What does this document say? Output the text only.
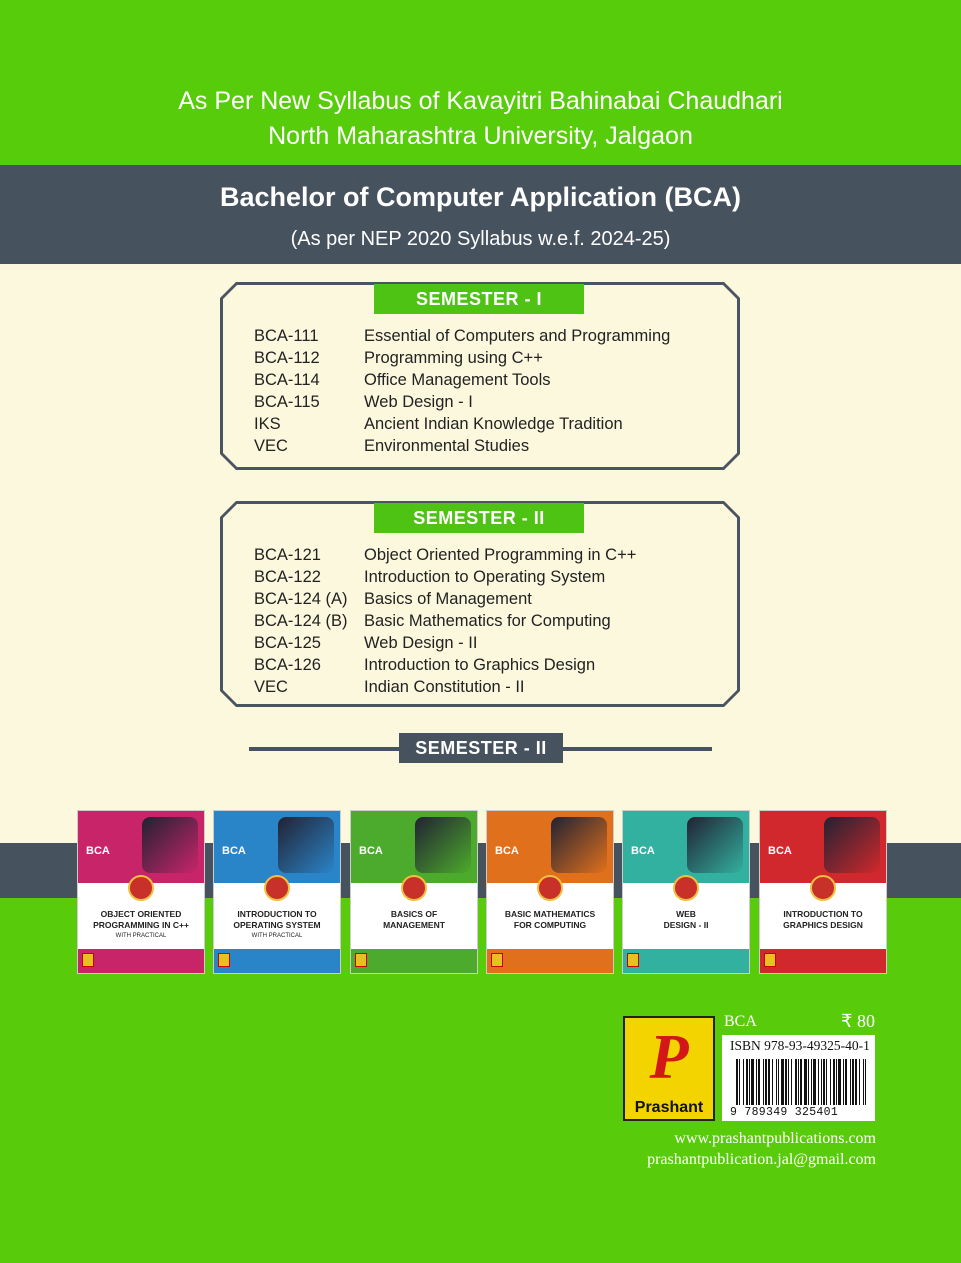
As Per New Syllabus of Kavayitri Bahinabai Chaudhari
North Maharashtra University, Jalgaon
Bachelor of Computer Application (BCA)
(As per NEP 2020 Syllabus w.e.f. 2024-25)
SEMESTER - I
BCA-111	Essential of Computers and Programming
BCA-112	Programming using C++
BCA-114	Office Management Tools
BCA-115	Web Design - I
IKS	Ancient Indian Knowledge Tradition
VEC	Environmental Studies
SEMESTER - II
BCA-121	Object Oriented Programming in C++
BCA-122	Introduction to Operating System
BCA-124 (A) Basics of Management
BCA-124 (B) Basic Mathematics for Computing
BCA-125	Web Design - II
BCA-126	Introduction to Graphics Design
VEC	Indian Constitution - II
SEMESTER - II
BCA
OBJECT ORIENTED
PROGRAMMING IN C++
WITH PRACTICAL
BCA
INTRODUCTION TO
OPERATING SYSTEM
WITH PRACTICAL
BCA
BASICS OF
MANAGEMENT
BCA
BASIC MATHEMATICS
FOR COMPUTING
BCA
WEB
DESIGN - II
BCA
INTRODUCTION TO
GRAPHICS DESIGN
P
Prashant
BCA	₹ 80
ISBN 978-93-49325-40-1
9 789349 325401
www.prashantpublications.com
prashantpublication.jal@gmail.com
